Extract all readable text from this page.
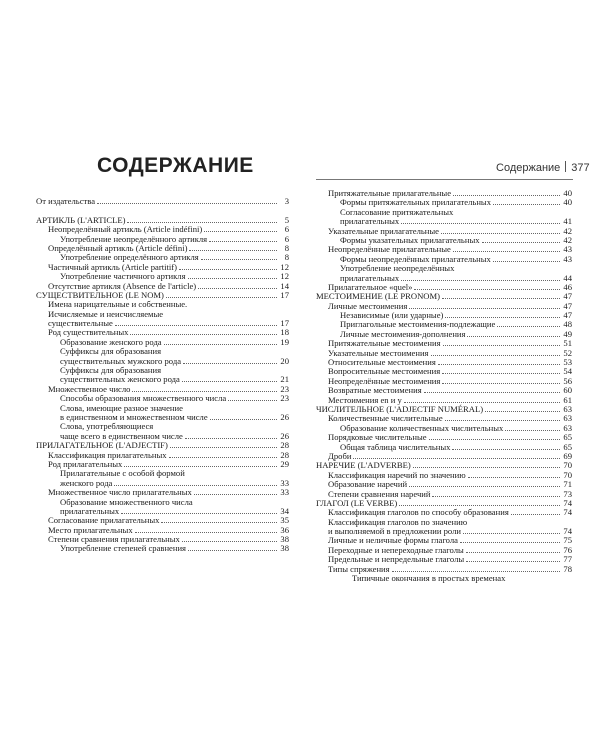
СОДЕРЖАНИЕ	Содержание 377
От издательства	3
АРТИКЛЬ (L'ARTICLE)	5
Неопределённый артикль (Article indéfini)	6
Употребление неопределённого артикля	6
Определённый артикль (Article défini)	8
Употребление определённого артикля	8
Частичный артикль (Article partitif)	12
Употребление частичного артикля	12
Отсутствие артикля (Absence de l'article)	14
СУЩЕСТВИТЕЛЬНОЕ (LE NOM)	17
Имена нарицательные и собственные.
Исчисляемые и неисчисляемые
существительные	17
Род существительных	18
Образование женского рода	19
Суффиксы для образования
существительных мужского рода	20
Суффиксы для образования
существительных женского рода	21
Множественное число	23
Способы образования множественного числа	23
Слова, имеющие разное значение
в единственном и множественном числе	26
Слова, употребляющиеся
чаще всего в единственном числе	26
ПРИЛАГАТЕЛЬНОЕ (L'ADJECTIF)	28
Классификация прилагательных	28
Род прилагательных	29
Прилагательные с особой формой
женского рода	33
Множественное число прилагательных	33
Образование множественного числа
прилагательных	34
Согласование прилагательных	35
Место прилагательных	36
Степени сравнения прилагательных	38
Употребление степеней сравнения	38
Притяжательные прилагательные	40
Формы притяжательных прилагательных	40
Согласование притяжательных
прилагательных	41
Указательные прилагательные	42
Формы указательных прилагательных	42
Неопределённые прилагательные	43
Формы неопределённых прилагательных	43
Употребление неопределённых
прилагательных	44
Прилагательное «quel»	46
МЕСТОИМЕНИЕ (LE PRONOM)	47
Личные местоимения	47
Независимые (или ударные)	47
Приглагольные местоимения-подлежащие	48
Личные местоимения-дополнения	49
Притяжательные местоимения	51
Указательные местоимения	52
Относительные местоимения	53
Вопросительные местоимения	54
Неопределённые местоимения	56
Возвратные местоимения	60
Местоимения en и y	61
ЧИСЛИТЕЛЬНОЕ (L'ADJECTIF NUMÉRAL)	63
Количественные числительные	63
Образование количественных числительных	63
Порядковые числительные	65
Общая таблица числительных	65
Дроби	69
НАРЕЧИЕ (L'ADVERBE)	70
Классификация наречий по значению	70
Образование наречий	71
Степени сравнения наречий	73
ГЛАГОЛ (LE VERBE)	74
Классификация глаголов по способу образования	74
Классификация глаголов по значению
и выполняемой в предложении роли	74
Личные и неличные формы глагола	75
Переходные и непереходные глаголы	76
Предельные и непредельные глаголы	77
Типы спряжения	78
Типичные окончания в простых временах
